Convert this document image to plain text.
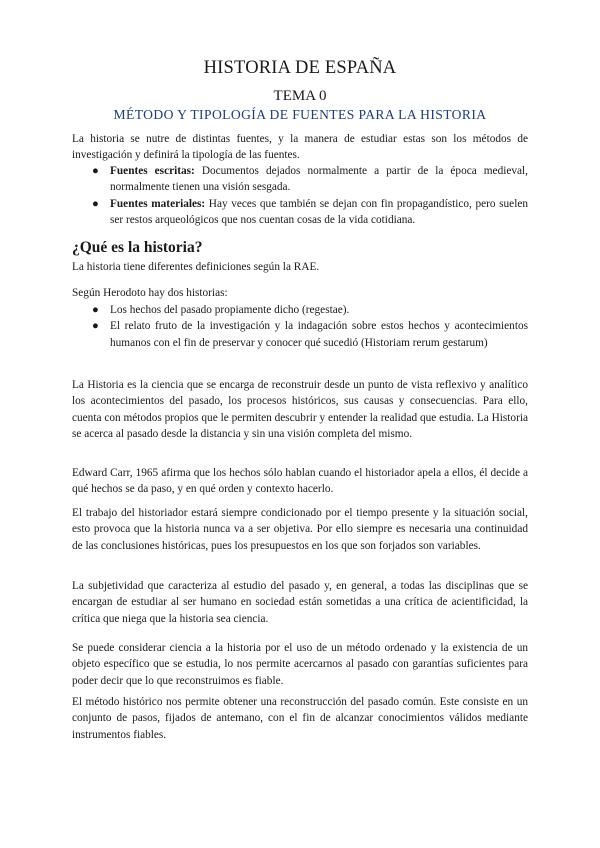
HISTORIA DE ESPAÑA
TEMA 0
MÉTODO Y TIPOLOGÍA DE FUENTES PARA LA HISTORIA

La historia se nutre de distintas fuentes, y la manera de estudiar estas son los métodos de investigación y definirá la tipología de las fuentes.

● Fuentes escritas: Documentos dejados normalmente a partir de la época medieval, normalmente tienen una visión sesgada.
● Fuentes materiales: Hay veces que también se dejan con fin propagandístico, pero suelen ser restos arqueológicos que nos cuentan cosas de la vida cotidiana.
¿Qué es la historia?

La historia tiene diferentes definiciones según la RAE.

Según Herodoto hay dos historias:

● Los hechos del pasado propiamente dicho (regestae).
● El relato fruto de la investigación y la indagación sobre estos hechos y acontecimientos humanos con el fin de preservar y conocer qué sucedió (Historiam rerum gestarum)

La Historia es la ciencia que se encarga de reconstruir desde un punto de vista reflexivo y analítico los acontecimientos del pasado, los procesos históricos, sus causas y consecuencias. Para ello, cuenta con métodos propios que le permiten descubrir y entender la realidad que estudia. La Historia se acerca al pasado desde la distancia y sin una visión completa del mismo.

Edward Carr, 1965 afirma que los hechos sólo hablan cuando el historiador apela a ellos, él decide a qué hechos se da paso, y en qué orden y contexto hacerlo.

El trabajo del historiador estará siempre condicionado por el tiempo presente y la situación social, esto provoca que la historia nunca va a ser objetiva. Por ello siempre es necesaria una continuidad de las conclusiones históricas, pues los presupuestos en los que son forjados son variables.

La subjetividad que caracteriza al estudio del pasado y, en general, a todas las disciplinas que se encargan de estudiar al ser humano en sociedad están sometidas a una crítica de acientificidad, la crítica que niega que la historia sea ciencia.

Se puede considerar ciencia a la historia por el uso de un método ordenado y la existencia de un objeto específico que se estudia, lo nos permite acercarnos al pasado con garantías suficientes para poder decir que lo que reconstruimos es fiable.

El método histórico nos permite obtener una reconstrucción del pasado común. Este consiste en un conjunto de pasos, fijados de antemano, con el fin de alcanzar conocimientos válidos mediante instrumentos fiables.
